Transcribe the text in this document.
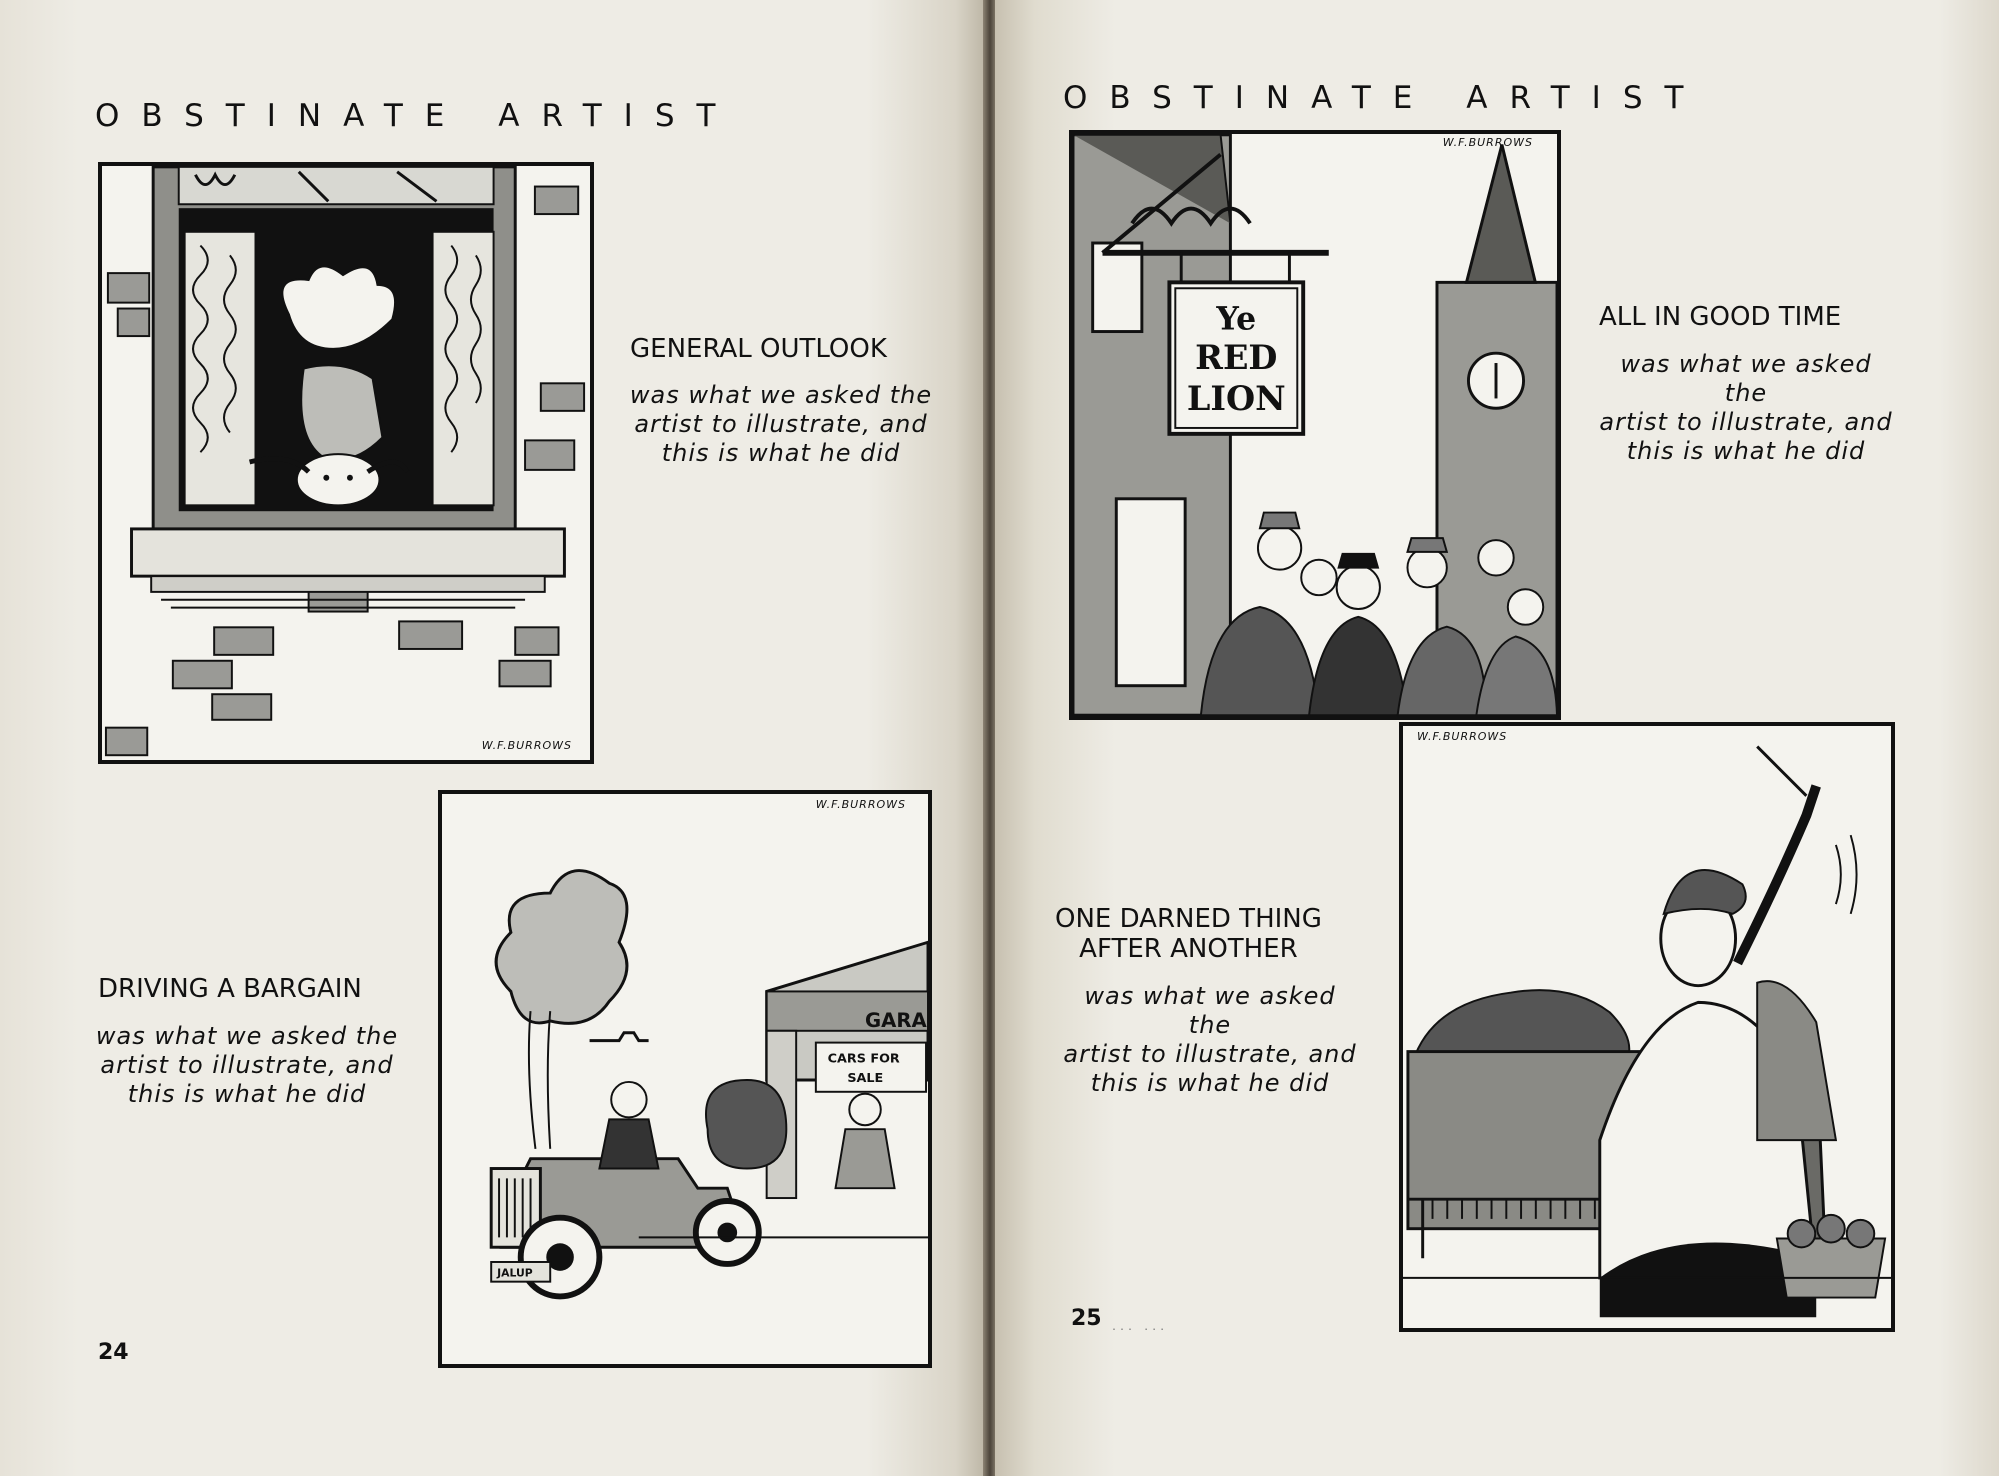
OBSTINATE ARTIST
W.F.BURROWS
GENERAL OUTLOOK
was what we asked the
artist to illustrate, and
this is what he did
GARA
CARS FOR
SALE
JALUP
W.F.BURROWS
DRIVING A BARGAIN
was what we asked the
artist to illustrate, and
this is what he did
24
OBSTINATE ARTIST
Ye
RED
LION
W.F.BURROWS
ALL IN GOOD TIME
was what we asked the
artist to illustrate, and
this is what he did
W.F.BURROWS
ONE DARNED THING
AFTER ANOTHER
was what we asked the
artist to illustrate, and
this is what he did
25 ... ...
